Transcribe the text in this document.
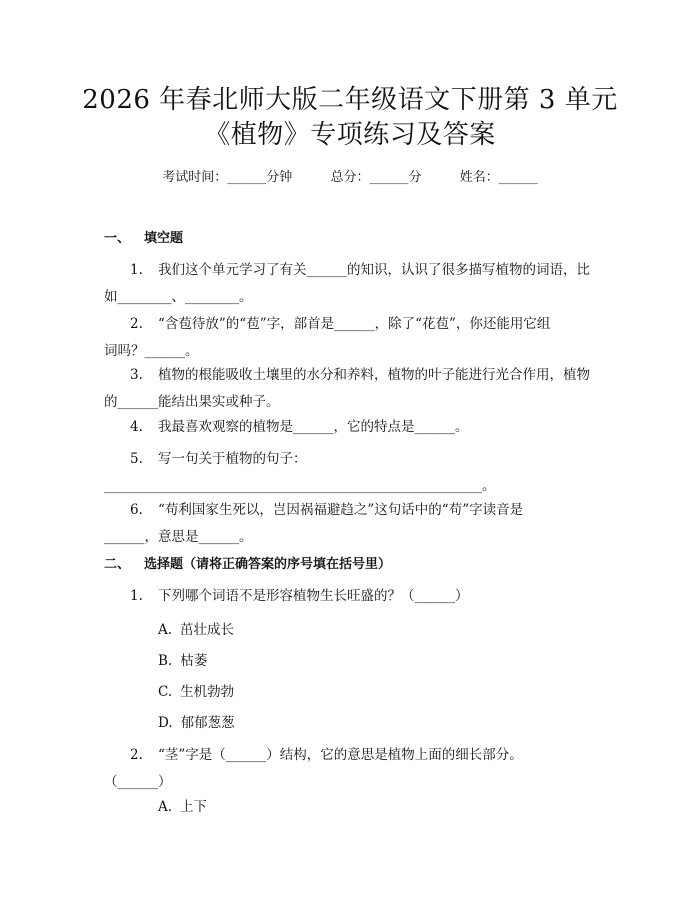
2026 年春北师大版二年级语文下册第 3 单元
《植物》专项练习及答案
考试时间：______分钟	总分：______分	姓名：______
一、 填空题
1. 我们这个单元学习了有关______的知识，认识了很多描写植物的词语，比
如________、________。
2. “含苞待放”的“苞”字，部首是______，除了“花苞”，你还能用它组
词吗？______。
3. 植物的根能吸收土壤里的水分和养料，植物的叶子能进行光合作用，植物
的______能结出果实或种子。
4. 我最喜欢观察的植物是______，它的特点是______。
5. 写一句关于植物的句子：
________________________________________________________。
6. “苟利国家生死以，岂因祸福避趋之”这句话中的“苟”字读音是
______，意思是______。
二、 选择题（请将正确答案的序号填在括号里）
1. 下列哪个词语不是形容植物生长旺盛的？（______）
A. 茁壮成长
B. 枯萎
C. 生机勃勃
D. 郁郁葱葱
2. “茎”字是（______）结构，它的意思是植物上面的细长部分。
（______）
A. 上下
